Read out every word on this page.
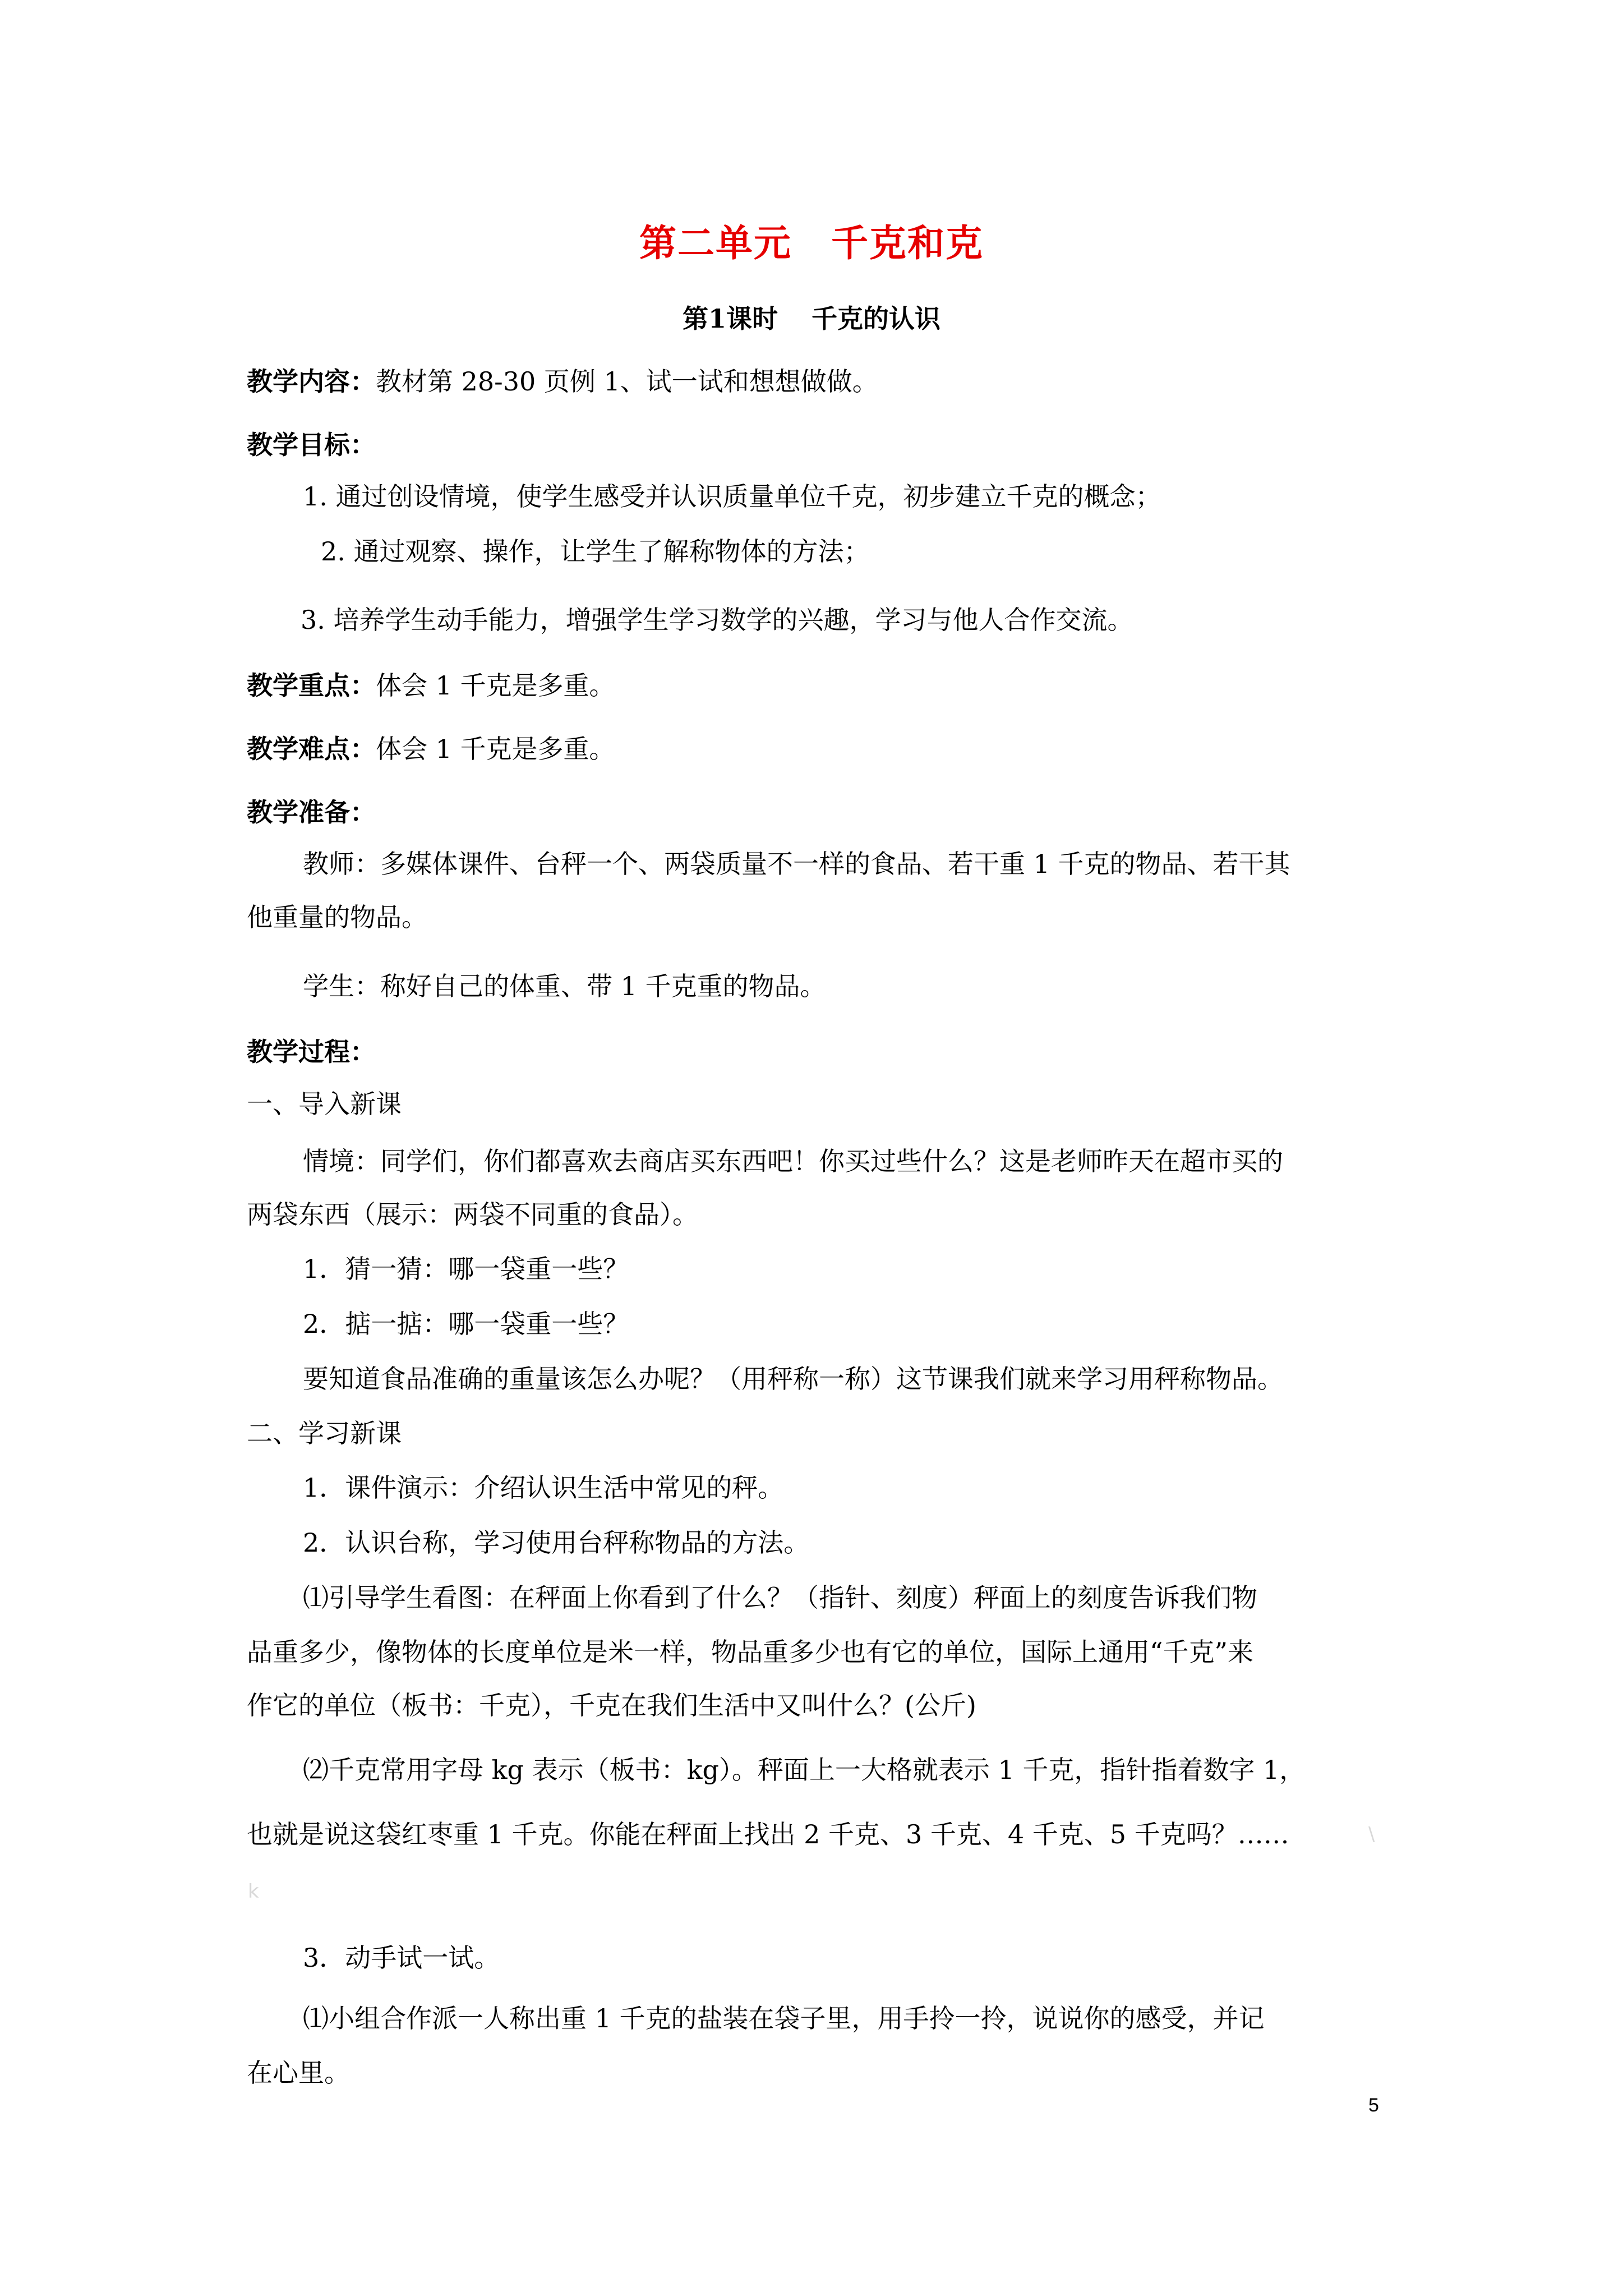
第二单元 千克和克
第1课时 千克的认识
教学内容：教材第 28-30 页例 1、试一试和想想做做。
教学目标：
1. 通过创设情境，使学生感受并认识质量单位千克，初步建立千克的概念；
2. 通过观察、操作，让学生了解称物体的方法；
3. 培养学生动手能力，增强学生学习数学的兴趣，学习与他人合作交流。
教学重点：体会 1 千克是多重。
教学难点：体会 1 千克是多重。
教学准备：
教师：多媒体课件、台秤一个、两袋质量不一样的食品、若干重 1 千克的物品、若干其
他重量的物品。
学生：称好自己的体重、带 1 千克重的物品。
教学过程：
一、导入新课
情境：同学们，你们都喜欢去商店买东西吧！你买过些什么？这是老师昨天在超市买的
两袋东西（展示：两袋不同重的食品）。
1．猜一猜：哪一袋重一些？
2．掂一掂：哪一袋重一些？
要知道食品准确的重量该怎么办呢？（用秤称一称）这节课我们就来学习用秤称物品。
二、学习新课
1．课件演示：介绍认识生活中常见的秤。
2．认识台称，学习使用台秤称物品的方法。
⑴引导学生看图：在秤面上你看到了什么？（指针、刻度）秤面上的刻度告诉我们物
品重多少，像物体的长度单位是米一样，物品重多少也有它的单位，国际上通用“千克”来
作它的单位（板书：千克），千克在我们生活中又叫什么？(公斤)
⑵千克常用字母 kg 表示（板书：kg）。秤面上一大格就表示 1 千克，指针指着数字 1，
也就是说这袋红枣重 1 千克。你能在秤面上找出 2 千克、3 千克、4 千克、5 千克吗？……	\
k
3．动手试一试。
⑴小组合作派一人称出重 1 千克的盐装在袋子里，用手拎一拎，说说你的感受，并记
在心里。
5
